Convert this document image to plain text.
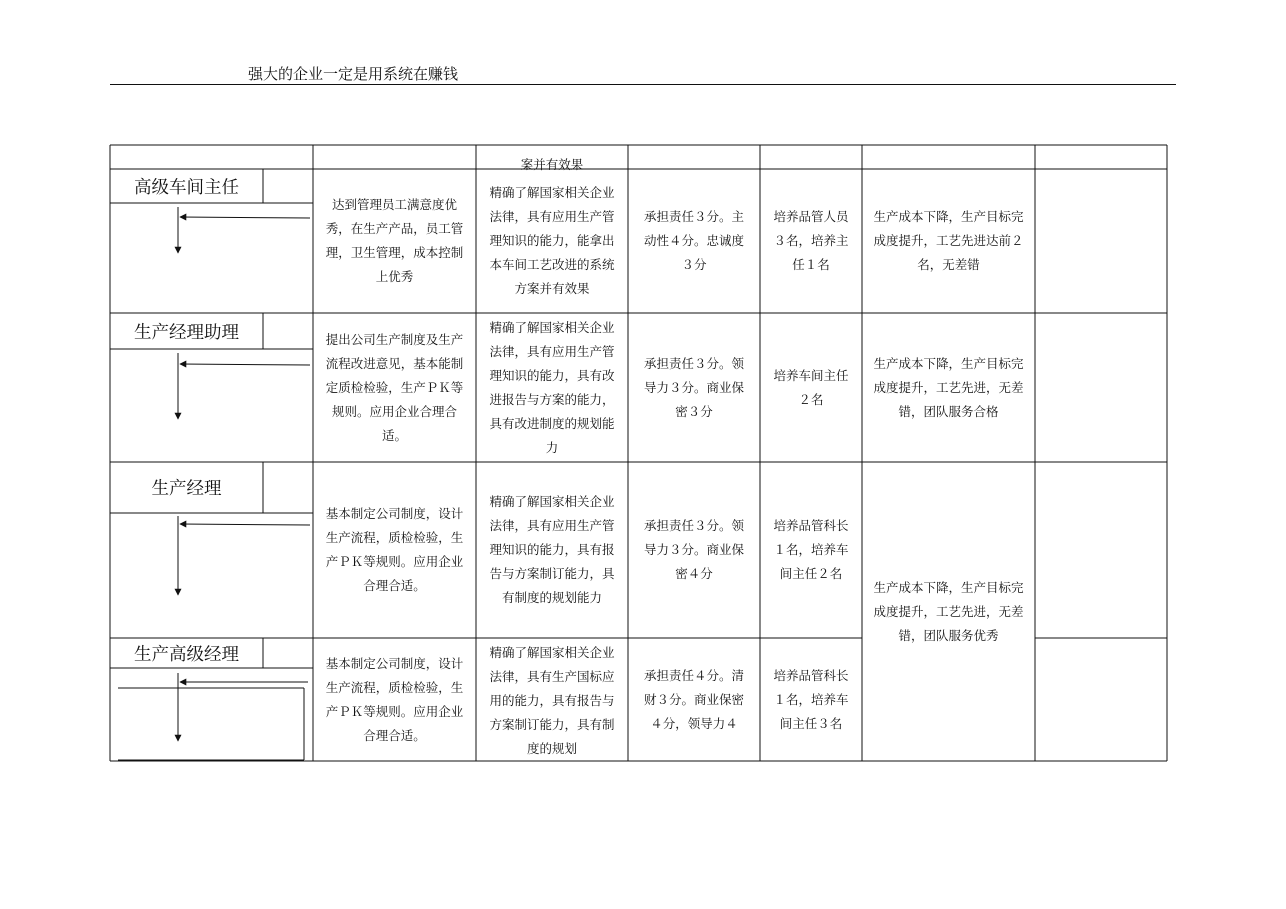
强大的企业一定是用系统在赚钱
案并有效果
高级车间主任
达到管理员工满意度优秀，在生产产品，员工管理，卫生管理，成本控制上优秀
精确了解国家相关企业法律，具有应用生产管理知识的能力，能拿出本车间工艺改进的系统方案并有效果
承担责任３分。主动性４分。忠诚度３分
培养品管人员３名，培养主任１名
生产成本下降，生产目标完成度提升，工艺先进达前２名，无差错
生产经理助理	提出公司生产制度及生产流程改进意见，基本能制定质检检验，生产ＰＫ等规则。应用企业合理合适。
精确了解国家相关企业法律，具有应用生产管理知识的能力，具有改进报告与方案的能力，具有改进制度的规划能力
承担责任３分。领导力３分。商业保密３分
培养车间主任２名
生产成本下降，生产目标完成度提升，工艺先进，无差错，团队服务合格
生产经理
基本制定公司制度，设计生产流程，质检检验，生产ＰＫ等规则。应用企业合理合适。
精确了解国家相关企业法律，具有应用生产管理知识的能力，具有报告与方案制订能力，具有制度的规划能力
承担责任３分。领导力３分。商业保密４分
培养品管科长１名，培养车间主任２名
生产成本下降，生产目标完成度提升，工艺先进，无差错，团队服务优秀
生产高级经理	基本制定公司制度，设计生产流程，质检检验，生产ＰＫ等规则。应用企业合理合适。
精确了解国家相关企业法律，具有生产国标应用的能力，具有报告与方案制订能力，具有制度的规划
承担责任４分。清财３分。商业保密４分，领导力４
培养品管科长１名，培养车间主任３名
